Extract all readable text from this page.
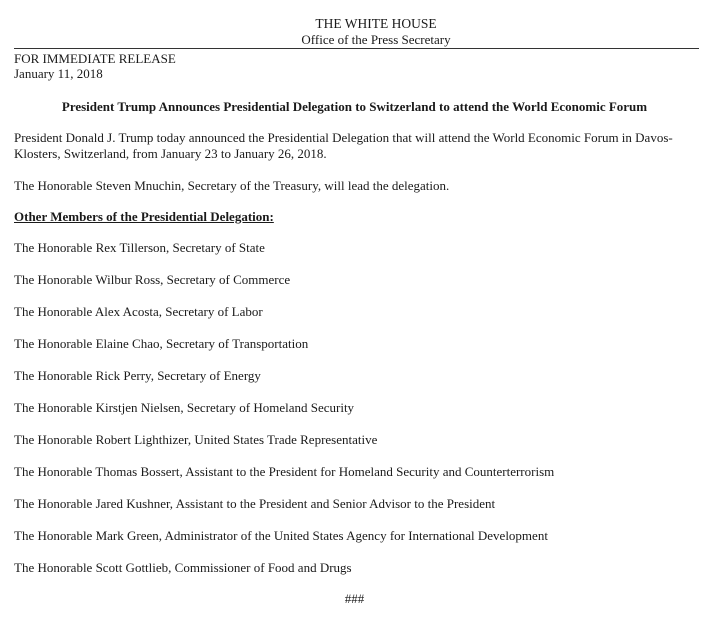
THE WHITE HOUSE
Office of the Press Secretary
FOR IMMEDIATE RELEASE
January 11, 2018
President Trump Announces Presidential Delegation to Switzerland to attend the World Economic Forum
President Donald J. Trump today announced the Presidential Delegation that will attend the World Economic Forum in Davos-Klosters, Switzerland, from January 23 to January 26, 2018.
The Honorable Steven Mnuchin, Secretary of the Treasury, will lead the delegation.
Other Members of the Presidential Delegation:
The Honorable Rex Tillerson, Secretary of State
The Honorable Wilbur Ross, Secretary of Commerce
The Honorable Alex Acosta, Secretary of Labor
The Honorable Elaine Chao, Secretary of Transportation
The Honorable Rick Perry, Secretary of Energy
The Honorable Kirstjen Nielsen, Secretary of Homeland Security
The Honorable Robert Lighthizer, United States Trade Representative
The Honorable Thomas Bossert, Assistant to the President for Homeland Security and Counterterrorism
The Honorable Jared Kushner, Assistant to the President and Senior Advisor to the President
The Honorable Mark Green, Administrator of the United States Agency for International Development
The Honorable Scott Gottlieb, Commissioner of Food and Drugs
###
